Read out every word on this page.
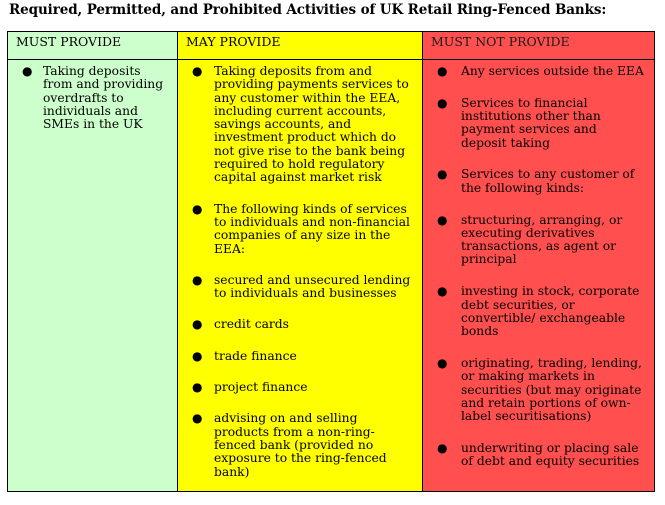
Required, Permitted, and Prohibited Activities of UK Retail Ring-Fenced Banks:
MUST PROVIDE
● Taking deposits from and providing overdrafts to individuals and SMEs in the UK
MAY PROVIDE
● Taking deposits from and providing payments services to any customer within the EEA, including current accounts, savings accounts, and investment product which do not give rise to the bank being required to hold regulatory capital against market risk
● The following kinds of services to individuals and non-financial companies of any size in the EEA:
● secured and unsecured lending to individuals and businesses
● credit cards
● trade finance
● project finance
● advising on and selling products from a non-ring-fenced bank (provided no exposure to the ring-fenced bank)
MUST NOT PROVIDE
● Any services outside the EEA
● Services to financial institutions other than payment services and deposit taking
● Services to any customer of the following kinds:
● structuring, arranging, or executing derivatives transactions, as agent or principal
● investing in stock, corporate debt securities, or convertible/ exchangeable bonds
● originating, trading, lending, or making markets in securities (but may originate and retain portions of own-label securitisations)
● underwriting or placing sale of debt and equity securities
